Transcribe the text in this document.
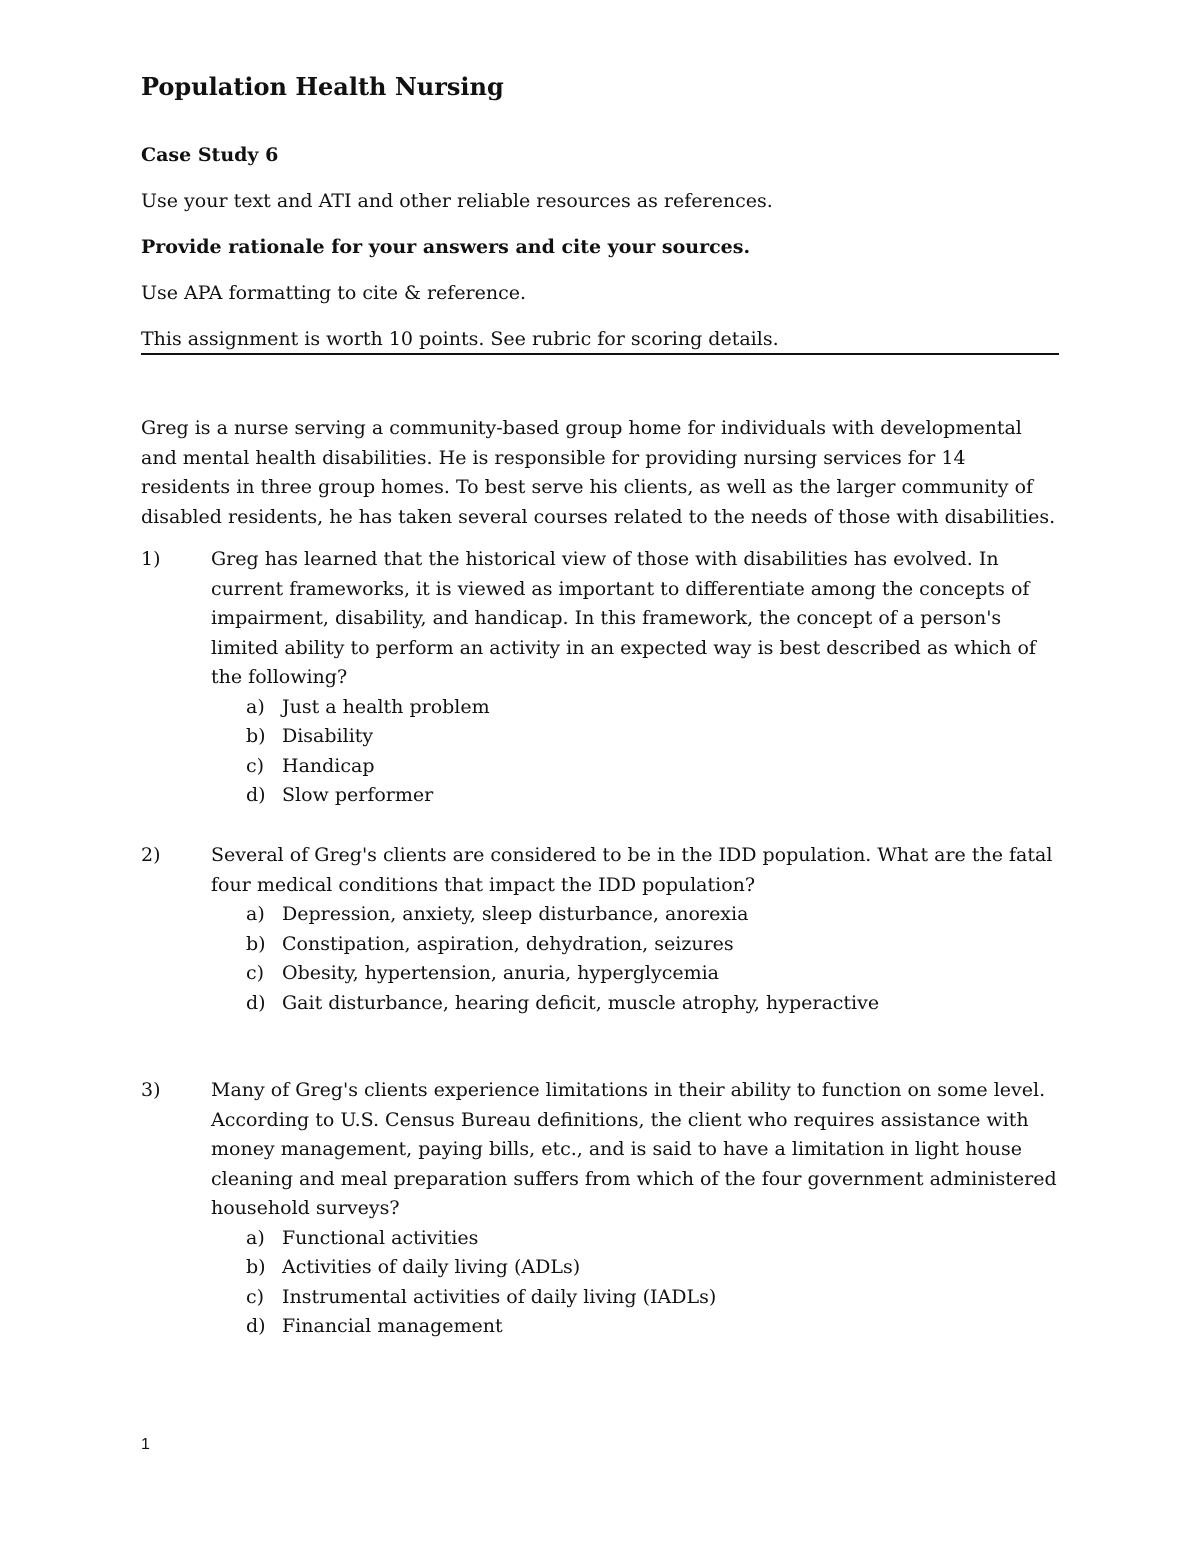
Population Health Nursing
Case Study 6
Use your text and ATI and other reliable resources as references.
Provide rationale for your answers and cite your sources.
Use APA formatting to cite & reference.
This assignment is worth 10 points. See rubric for scoring details.
Greg is a nurse serving a community-based group home for individuals with developmental and mental health disabilities. He is responsible for providing nursing services for 14 residents in three group homes. To best serve his clients, as well as the larger community of disabled residents, he has taken several courses related to the needs of those with disabilities.
1)	Greg has learned that the historical view of those with disabilities has evolved. In current frameworks, it is viewed as important to differentiate among the concepts of impairment, disability, and handicap. In this framework, the concept of a person's limited ability to perform an activity in an expected way is best described as which of the following?
a) Just a health problem
b) Disability
c) Handicap
d) Slow performer
2)	Several of Greg's clients are considered to be in the IDD population. What are the fatal four medical conditions that impact the IDD population?
a) Depression, anxiety, sleep disturbance, anorexia
b) Constipation, aspiration, dehydration, seizures
c) Obesity, hypertension, anuria, hyperglycemia
d) Gait disturbance, hearing deficit, muscle atrophy, hyperactive
3)	Many of Greg's clients experience limitations in their ability to function on some level. According to U.S. Census Bureau definitions, the client who requires assistance with money management, paying bills, etc., and is said to have a limitation in light house cleaning and meal preparation suffers from which of the four government administered household surveys?
a) Functional activities
b) Activities of daily living (ADLs)
c) Instrumental activities of daily living (IADLs)
d) Financial management
1
